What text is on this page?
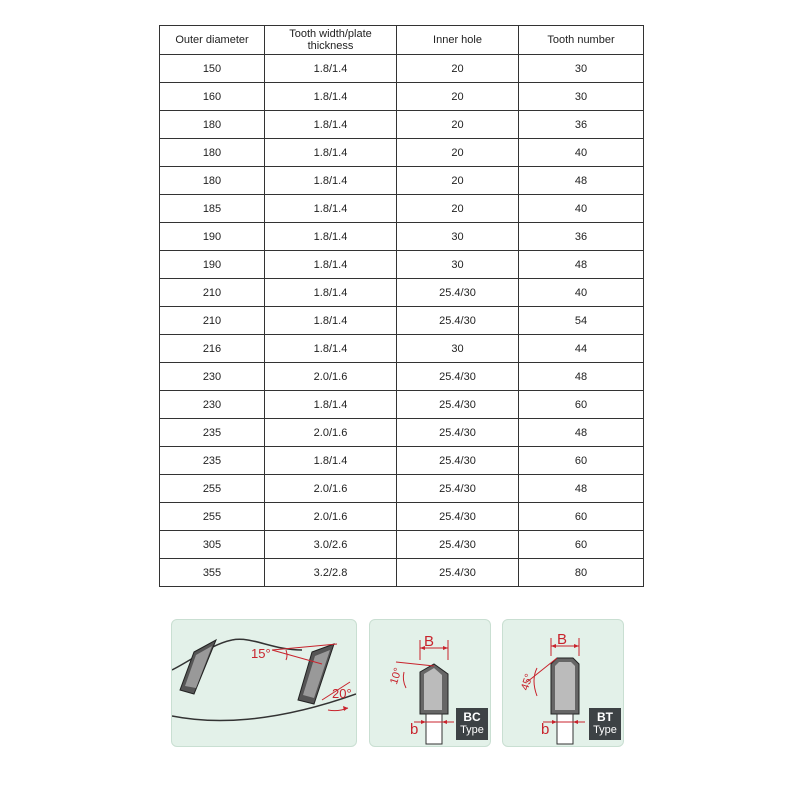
Outer diameter	Tooth width/plate thickness	Inner hole	Tooth number
150	1.8/1.4	20	30
160	1.8/1.4	20	30
180	1.8/1.4	20	36
180	1.8/1.4	20	40
180	1.8/1.4	20	48
185	1.8/1.4	20	40
190	1.8/1.4	30	36
190	1.8/1.4	30	48
210	1.8/1.4	25.4/30	40
210	1.8/1.4	25.4/30	54
216	1.8/1.4	30	44
230	2.0/1.6	25.4/30	48
230	1.8/1.4	25.4/30	60
235	2.0/1.6	25.4/30	48
235	1.8/1.4	25.4/30	60
255	2.0/1.6	25.4/30	48
255	2.0/1.6	25.4/30	60
305	3.0/2.6	25.4/30	60
355	3.2/2.8	25.4/30	80
15°
20°
B
10°
b
BC
Type
B
45°
b
BT
Type
